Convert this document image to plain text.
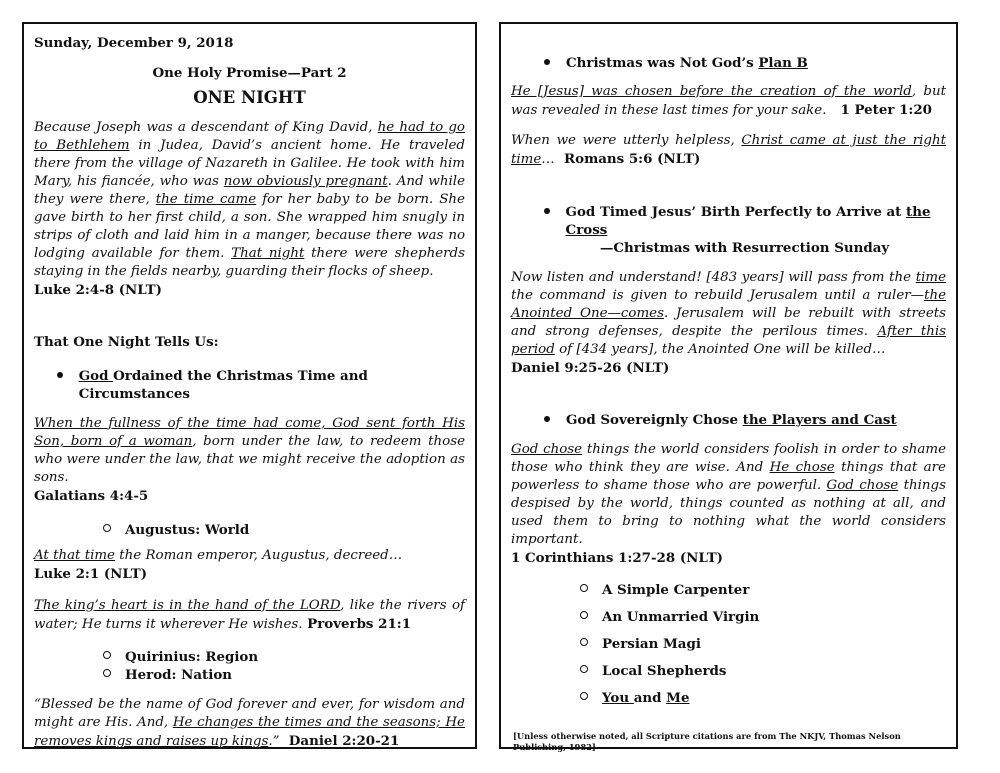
Sunday, December 9, 2018
One Holy Promise—Part 2
ONE NIGHT

Because Joseph was a descendant of King David, he had to go to Bethlehem in Judea, David’s ancient home. He traveled there from the village of Nazareth in Galilee. He took with him Mary, his fiancée, who was now obviously pregnant. And while they were there, the time came for her baby to be born. She gave birth to her first child, a son. She wrapped him snugly in strips of cloth and laid him in a manger, because there was no lodging available for them. That night there were shepherds staying in the fields nearby, guarding their flocks of sheep.

Luke 2:4-8 (NLT)
That One Night Tells Us:
God Ordained the Christmas Time and Circumstances

When the fullness of the time had come, God sent forth His Son, born of a woman, born under the law, to redeem those who were under the law, that we might receive the adoption as sons.

Galatians 4:4-5
Augustus: World

At that time the Roman emperor, Augustus, decreed…

Luke 2:1 (NLT)

The king’s heart is in the hand of the LORD, like the rivers of water; He turns it wherever He wishes. Proverbs 21:1

Quirinius: Region
Herod: Nation

“Blessed be the name of God forever and ever, for wisdom and might are His. And, He changes the times and the seasons; He removes kings and raises up kings.”  Daniel 2:20-21

Christmas was Not God’s Plan B

He [Jesus] was chosen before the creation of the world, but was revealed in these last times for your sake.   1 Peter 1:20

When we were utterly helpless, Christ came at just the right time…  Romans 5:6 (NLT)

God Timed Jesus’ Birth Perfectly to Arrive at the Cross
—Christmas with Resurrection Sunday

Now listen and understand! [483 years] will pass from the time the command is given to rebuild Jerusalem until a ruler—the Anointed One—comes. Jerusalem will be rebuilt with streets and strong defenses, despite the perilous times. After this period of [434 years], the Anointed One will be killed…

Daniel 9:25-26 (NLT)
God Sovereignly Chose the Players and Cast

God chose things the world considers foolish in order to shame those who think they are wise. And He chose things that are powerless to shame those who are powerful. God chose things despised by the world, things counted as nothing at all, and used them to bring to nothing what the world considers important.

1 Corinthians 1:27-28 (NLT)
A Simple Carpenter
An Unmarried Virgin
Persian Magi
Local Shepherds
You and Me
[Unless otherwise noted, all Scripture citations are from The NKJV, Thomas Nelson Publishing, 1982]
